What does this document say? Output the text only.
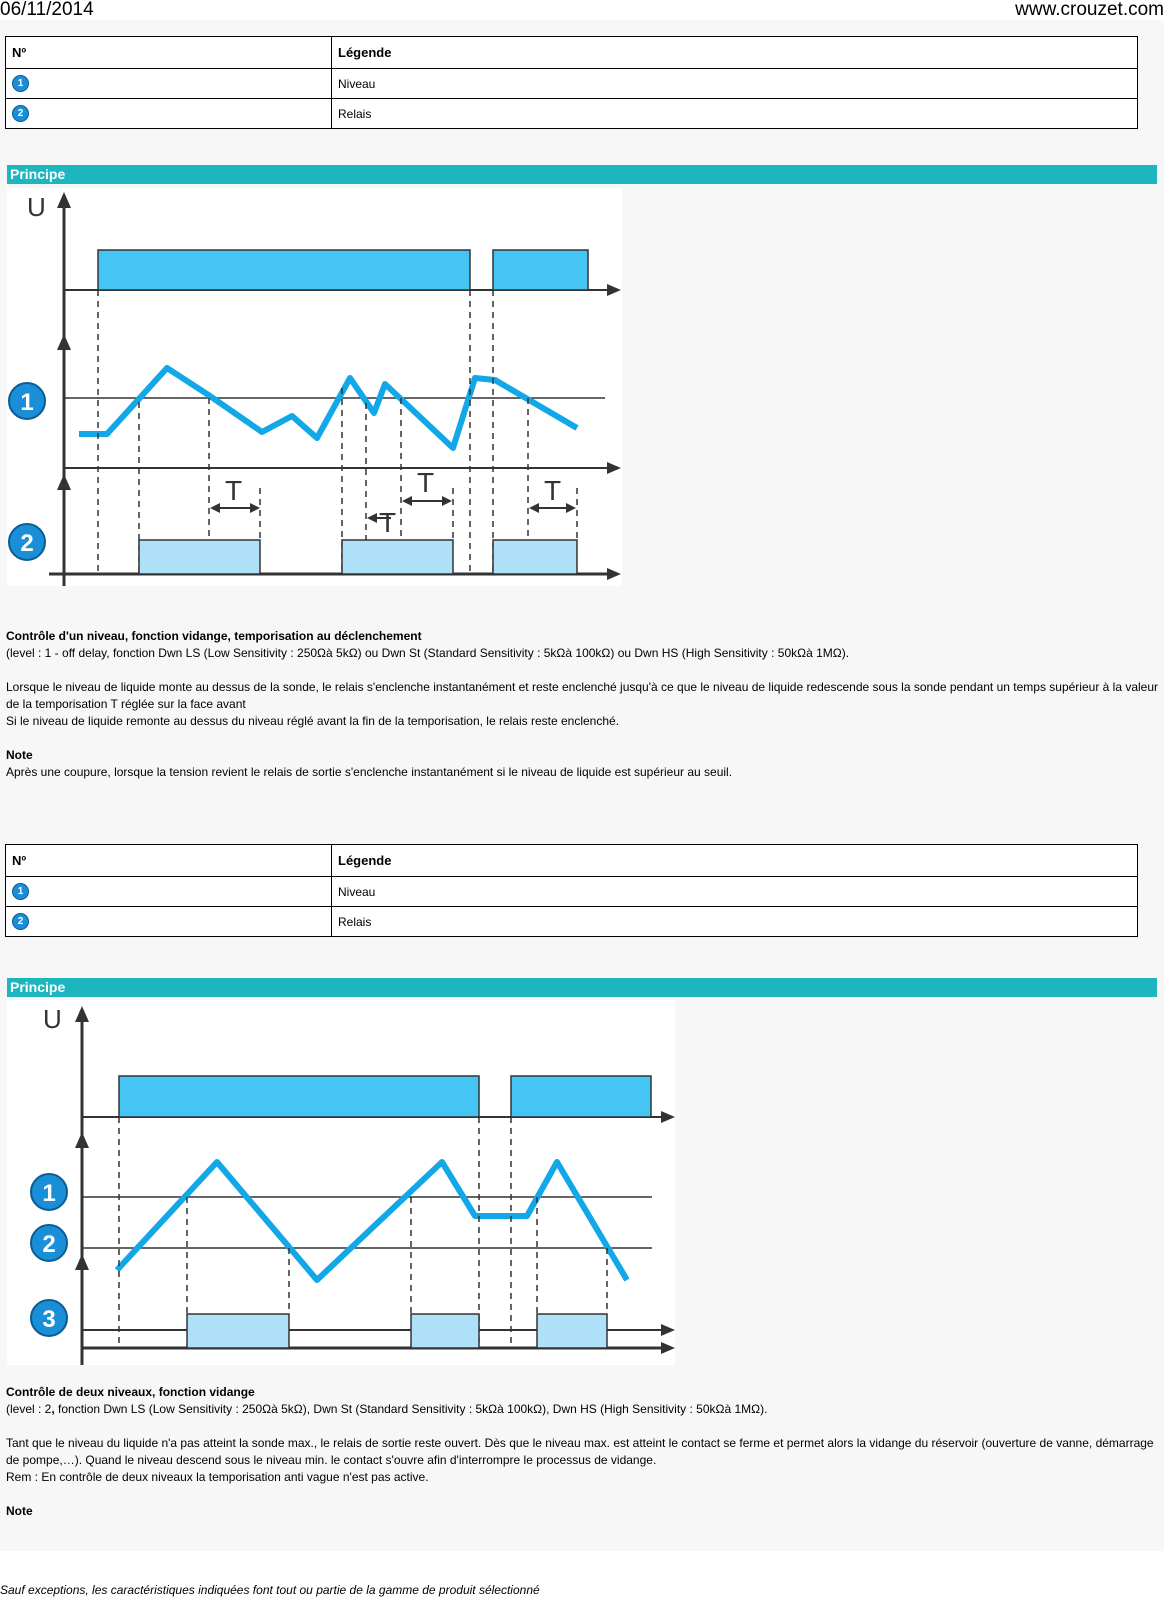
06/11/2014	www.crouzet.com
Nº	Légende
1	Niveau
2	Relais
Principe
U
T
T
T	T
1
2
Contrôle d'un niveau, fonction vidange, temporisation au déclenchement
(level : 1 - off delay, fonction Dwn LS (Low Sensitivity : 250Ωà 5kΩ) ou Dwn St (Standard Sensitivity : 5kΩà 100kΩ) ou Dwn HS (High Sensitivity : 50kΩà 1MΩ).

Lorsque le niveau de liquide monte au dessus de la sonde, le relais s'enclenche instantanément et reste enclenché jusqu'à ce que le niveau de liquide redescende sous la sonde pendant un temps supérieur à la valeur de la temporisation T réglée sur la face avant
Si le niveau de liquide remonte au dessus du niveau réglé avant la fin de la temporisation, le relais reste enclenché.

Note
Après une coupure, lorsque la tension revient le relais de sortie s'enclenche instantanément si le niveau de liquide est supérieur au seuil.
Nº	Légende
1	Niveau
2	Relais
Principe
U
1
2
3
Contrôle de deux niveaux, fonction vidange
(level : 2, fonction Dwn LS (Low Sensitivity : 250Ωà 5kΩ), Dwn St (Standard Sensitivity : 5kΩà 100kΩ), Dwn HS (High Sensitivity : 50kΩà 1MΩ).

Tant que le niveau du liquide n'a pas atteint la sonde max., le relais de sortie reste ouvert. Dès que le niveau max. est atteint le contact se ferme et permet alors la vidange du réservoir (ouverture de vanne, démarrage de pompe,…). Quand le niveau descend sous le niveau min. le contact s'ouvre afin d'interrompre le processus de vidange.
Rem : En contrôle de deux niveaux la temporisation anti vague n'est pas active.

Note
Sauf exceptions, les caractéristiques indiquées font tout ou partie de la gamme de produit sélectionné
